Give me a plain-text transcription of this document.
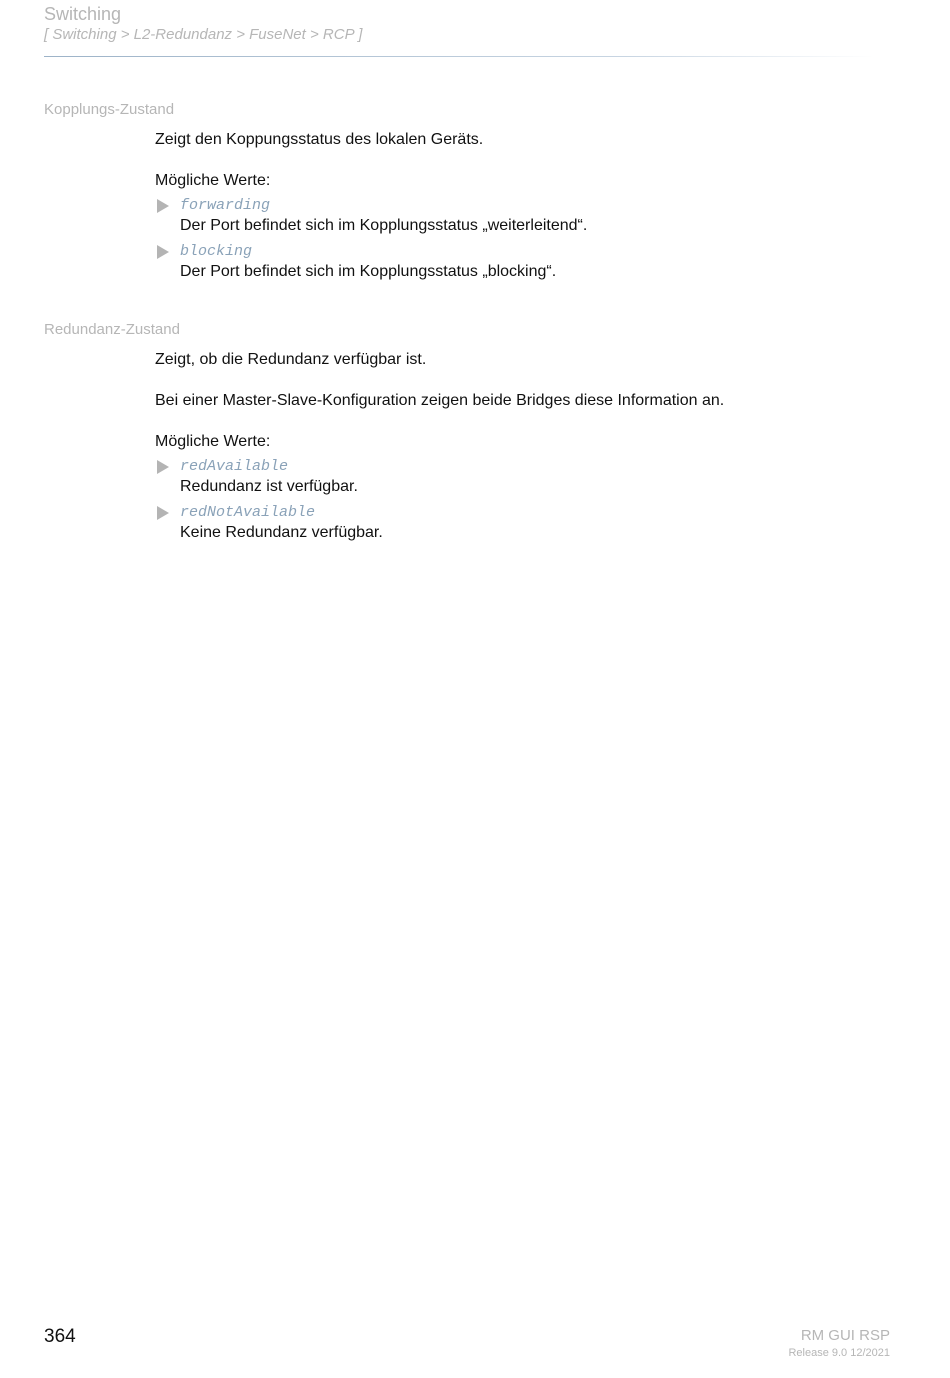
Switching
[ Switching > L2-Redundanz > FuseNet > RCP ]
Kopplungs-Zustand
Zeigt den Koppungsstatus des lokalen Geräts.
Mögliche Werte:
forwarding
Der Port befindet sich im Kopplungsstatus „weiterleitend“.
blocking
Der Port befindet sich im Kopplungsstatus „blocking“.
Redundanz-Zustand
Zeigt, ob die Redundanz verfügbar ist.
Bei einer Master-Slave-Konfiguration zeigen beide Bridges diese Information an.
Mögliche Werte:
redAvailable
Redundanz ist verfügbar.
redNotAvailable
Keine Redundanz verfügbar.
364	RM GUI RSP
Release 9.0 12/2021
